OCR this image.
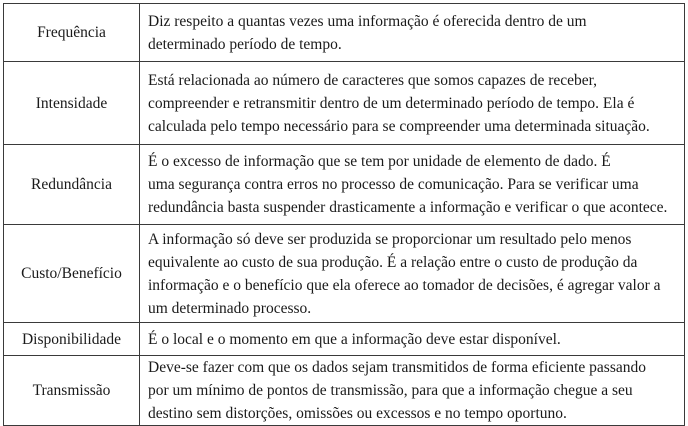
Frequência	Diz respeito a quantas vezes uma informação é oferecida dentro de um
determinado período de tempo.

Intensidade	Está relacionada ao número de caracteres que somos capazes de receber,
compreender e retransmitir dentro de um determinado período de tempo. Ela é
calculada pelo tempo necessário para se compreender uma determinada situação.

Redundância	É o excesso de informação que se tem por unidade de elemento de dado. É
uma segurança contra erros no processo de comunicação. Para se verificar uma
redundância basta suspender drasticamente a informação e verificar o que acontece.

Custo/Benefício	A informação só deve ser produzida se proporcionar um resultado pelo menos
equivalente ao custo de sua produção. É a relação entre o custo de produção da
informação e o benefício que ela oferece ao tomador de decisões, é agregar valor a
um determinado processo.

Disponibilidade	É o local e o momento em que a informação deve estar disponível.

Transmissão	Deve-se fazer com que os dados sejam transmitidos de forma eficiente passando
por um mínimo de pontos de transmissão, para que a informação chegue a seu
destino sem distorções, omissões ou excessos e no tempo oportuno.
